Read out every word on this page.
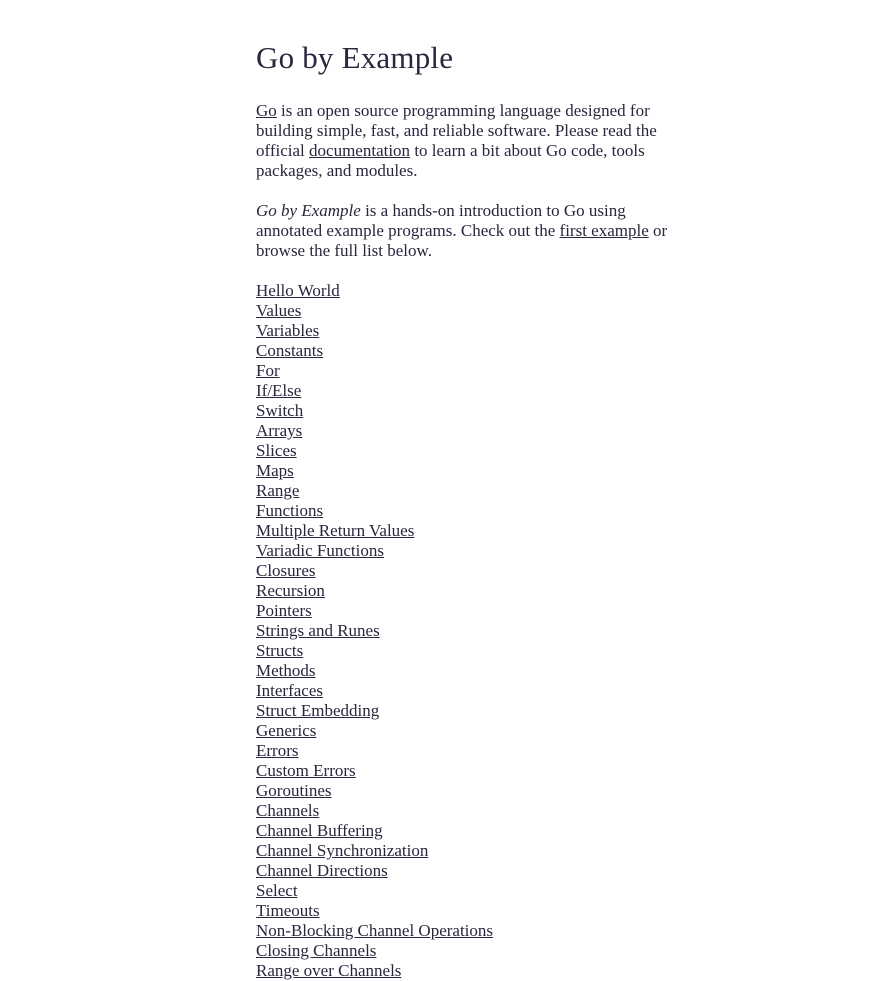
Go by Example

Go is an open source programming language designed for building simple, fast, and reliable software. Please read the official documentation to learn a bit about Go code, tools packages, and modules.

Go by Example is a hands-on introduction to Go using annotated example programs. Check out the first example or browse the full list below.

Hello World
Values
Variables
Constants
For
If/Else
Switch
Arrays
Slices
Maps
Range
Functions
Multiple Return Values
Variadic Functions
Closures
Recursion
Pointers
Strings and Runes
Structs
Methods
Interfaces
Struct Embedding
Generics
Errors
Custom Errors
Goroutines
Channels
Channel Buffering
Channel Synchronization
Channel Directions
Select
Timeouts
Non-Blocking Channel Operations
Closing Channels
Range over Channels
